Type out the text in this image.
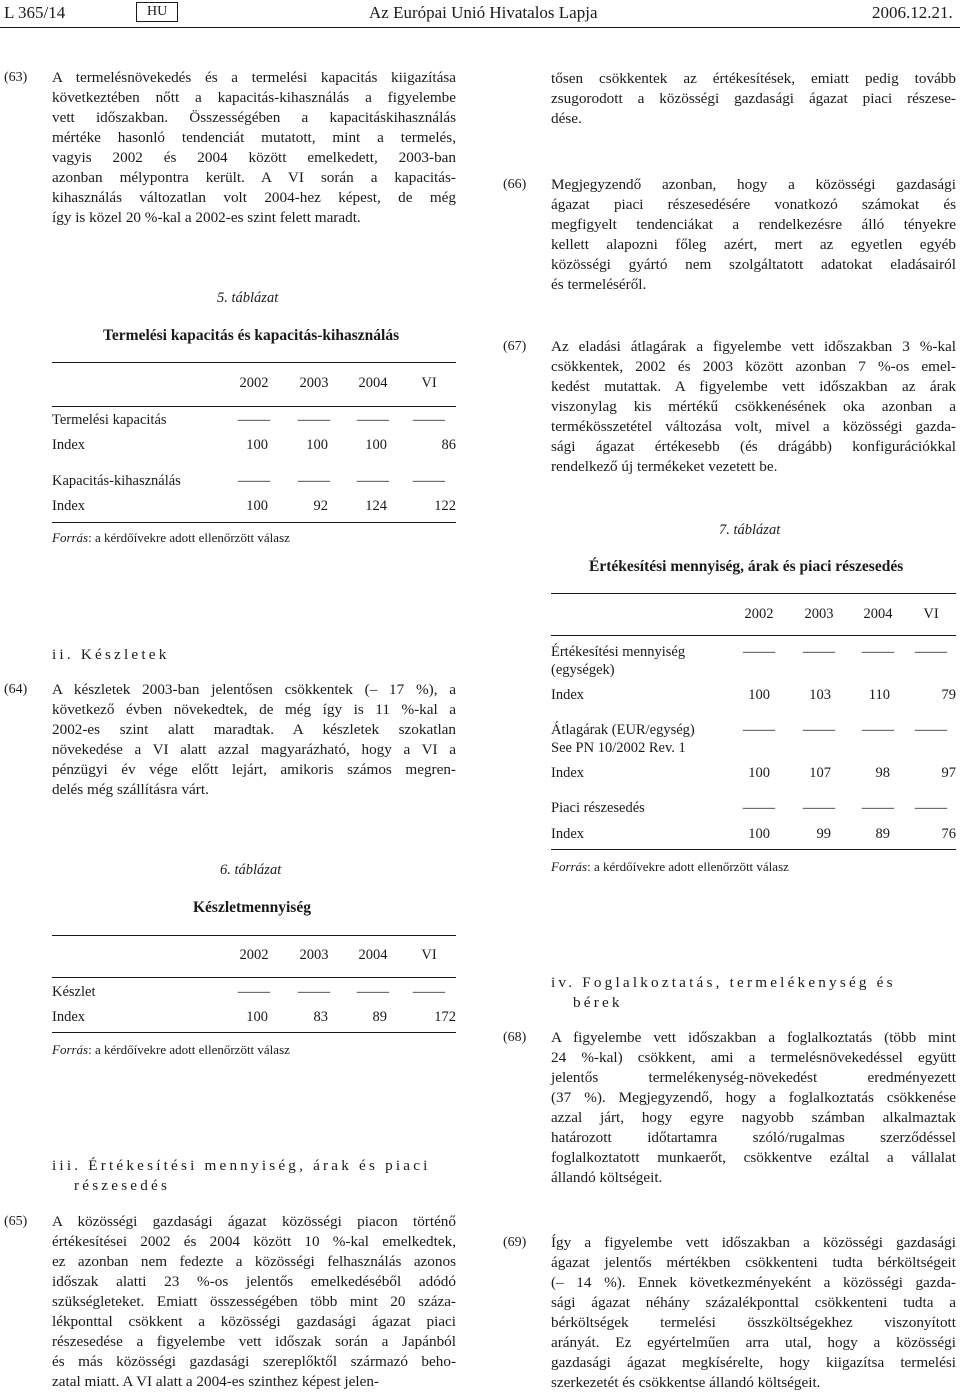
L 365/14	HU	Az Európai Unió Hivatalos Lapja	2006.12.21.
(63) A termelésnövekedés és a termelési kapacitás kiigazítása
következtében nőtt a kapacitás-kihasználás a figyelembe
vett időszakban. Összességében a kapacitáskihasználás
mértéke hasonló tendenciát mutatott, mint a termelés,
vagyis 2002 és 2004 között emelkedett, 2003-ban
azonban mélypontra került. A VI során a kapacitás-
kihasználás változatlan volt 2004-hez képest, de még
így is közel 20 %-kal a 2002-es szint felett maradt.
5. táblázat
Termelési kapacitás és kapacitás-kihasználás
2002	2003	2004	VI
Termelési kapacitás	—	—	—	—
Index	100	100	100	86
Kapacitás-kihasználás	—	—	—	—
Index	100	92	124	122
Forrás: a kérdőívekre adott ellenőrzött válasz
ii. Készletek
(64) A készletek 2003-ban jelentősen csökkentek (– 17 %), a
következő évben növekedtek, de még így is 11 %-kal a
2002-es szint alatt maradtak. A készletek szokatlan
növekedése a VI alatt azzal magyarázható, hogy a VI a
pénzügyi év vége előtt lejárt, amikoris számos megren-
delés még szállításra várt.
6. táblázat
Készletmennyiség
2002	2003	2004	VI
Készlet	—	—	—	—
Index	100	83	89	172
Forrás: a kérdőívekre adott ellenőrzött válasz
iii. Értékesítési mennyiség, árak és piaci
részesedés
(65) A közösségi gazdasági ágazat közösségi piacon történő
értékesítései 2002 és 2004 között 10 %-kal emelkedtek,
ez azonban nem fedezte a közösségi felhasználás azonos
időszak alatti 23 %-os jelentős emelkedéséből adódó
szükségleteket. Emiatt összességében több mint 20 száza-
lékponttal csökkent a közösségi gazdasági ágazat piaci
részesedése a figyelembe vett időszak során a Japánból
és más közösségi gazdasági szereplőktől származó beho-
zatal miatt. A VI alatt a 2004-es szinthez képest jelen-
tősen csökkentek az értékesítések, emiatt pedig tovább
zsugorodott a közösségi gazdasági ágazat piaci részese-
dése.
(66) Megjegyzendő azonban, hogy a közösségi gazdasági
ágazat piaci részesedésére vonatkozó számokat és
megfigyelt tendenciákat a rendelkezésre álló tényekre
kellett alapozni főleg azért, mert az egyetlen egyéb
közösségi gyártó nem szolgáltatott adatokat eladásairól
és termeléséről.
(67) Az eladási átlagárak a figyelembe vett időszakban 3 %-kal
csökkentek, 2002 és 2003 között azonban 7 %-os emel-
kedést mutattak. A figyelembe vett időszakban az árak
viszonylag kis mértékű csökkenésének oka azonban a
termékösszetétel változása volt, mivel a közösségi gazda-
sági ágazat értékesebb (és drágább) konfigurációkkal
rendelkező új termékeket vezetett be.
7. táblázat
Értékesítési mennyiség, árak és piaci részesedés
2002	2003	2004	VI
Értékesítési mennyiség
(egységek)
—	—	—	—
Index	100	103	110	79
Átlagárak (EUR/egység)
See PN 10/2002 Rev. 1
—	—	—	—
Index	100	107	98	97
Piaci részesedés	—	—	—	—
Index	100	99	89	76
Forrás: a kérdőívekre adott ellenőrzött válasz
iv. Foglalkoztatás, termelékenység és
bérek
(68) A figyelembe vett időszakban a foglalkoztatás (több mint
24 %-kal) csökkent, ami a termelésnövekedéssel együtt
jelentős termelékenység-növekedést eredményezett
(37 %). Megjegyzendő, hogy a foglalkoztatás csökkenése
azzal járt, hogy egyre nagyobb számban alkalmaztak
határozott időtartamra szóló/rugalmas szerződéssel
foglalkoztatott munkaerőt, csökkentve ezáltal a vállalat
állandó költségeit.
(69) Így a figyelembe vett időszakban a közösségi gazdasági
ágazat jelentős mértékben csökkenteni tudta bérköltségeit
(– 14 %). Ennek következményeként a közösségi gazda-
sági ágazat néhány százalékponttal csökkenteni tudta a
bérköltségek termelési összköltségekhez viszonyított
arányát. Ez egyértelműen arra utal, hogy a közösségi
gazdasági ágazat megkísérelte, hogy kiigazítsa termelési
szerkezetét és csökkentse állandó költségeit.
